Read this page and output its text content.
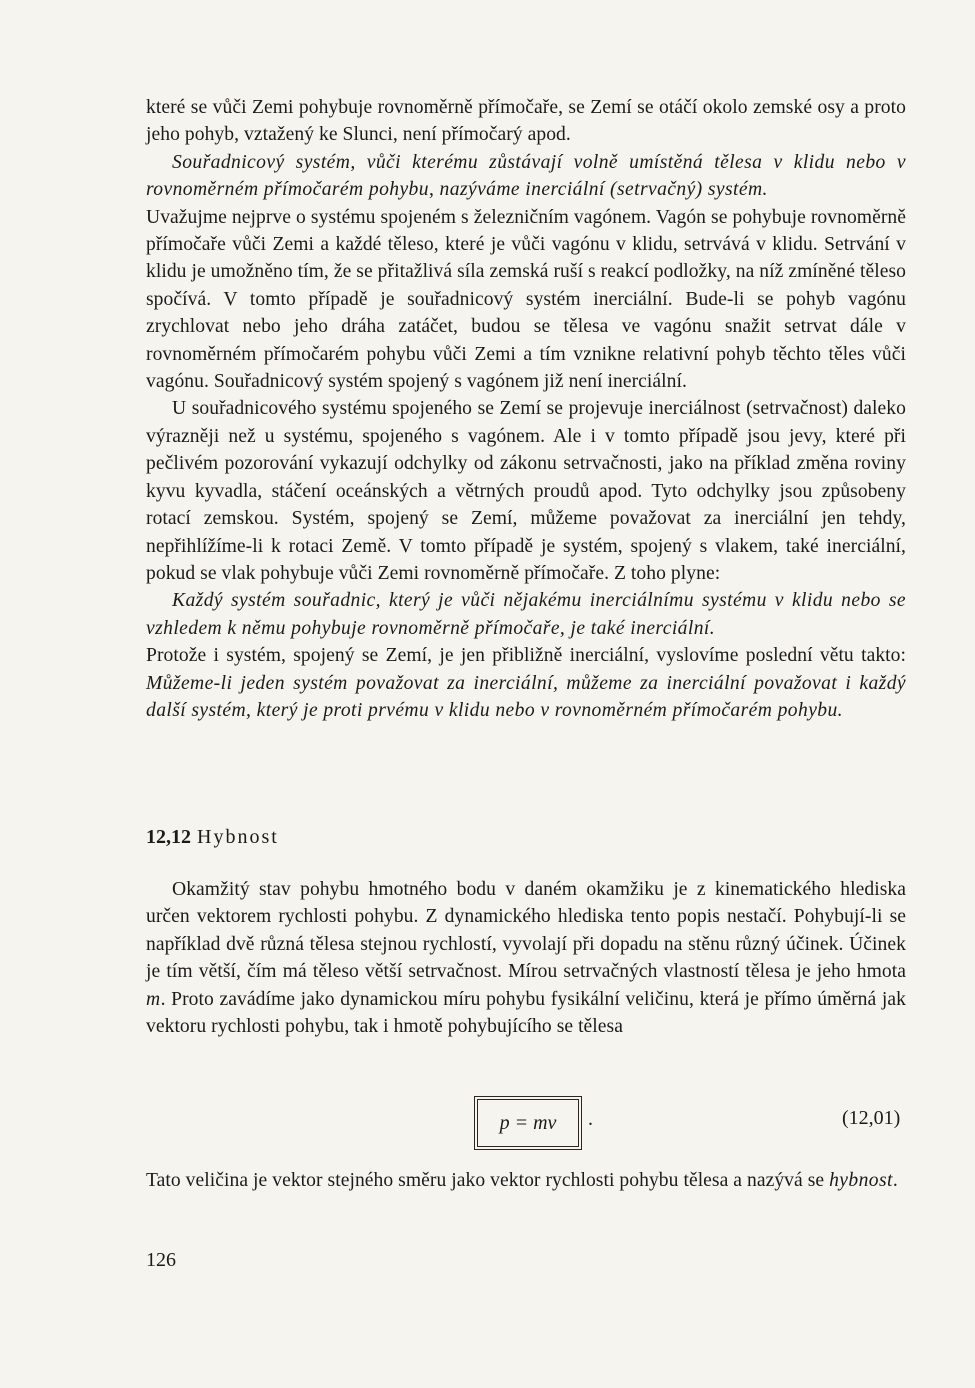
které se vůči Zemi pohybuje rovnoměrně přímočaře, se Zemí se otáčí okolo zemské osy a proto jeho pohyb, vztažený ke Slunci, není přímočarý apod.

Souřadnicový systém, vůči kterému zůstávají volně umístěná tělesa v klidu nebo v rovnoměrném přímočarém pohybu, nazýváme inerciální (setrvačný) systém.

Uvažujme nejprve o systému spojeném s železničním vagónem. Vagón se pohybuje rovnoměrně přímočaře vůči Zemi a každé těleso, které je vůči vagónu v klidu, setrvává v klidu. Setrvání v klidu je umožněno tím, že se přitažlivá síla zemská ruší s reakcí podložky, na níž zmíněné těleso spočívá. V tomto případě je souřadnicový systém inerciální. Bude-li se pohyb vagónu zrychlovat nebo jeho dráha zatáčet, budou se tělesa ve vagónu snažit setrvat dále v rovnoměrném přímočarém pohybu vůči Zemi a tím vznikne relativní pohyb těchto těles vůči vagónu. Souřadnicový systém spojený s vagónem již není inerciální.

U souřadnicového systému spojeného se Zemí se projevuje inerciálnost (setrvačnost) daleko výrazněji než u systému, spojeného s vagónem. Ale i v tomto případě jsou jevy, které při pečlivém pozorování vykazují odchylky od zákonu setrvačnosti, jako na příklad změna roviny kyvu kyvadla, stáčení oceánských a větrných proudů apod. Tyto odchylky jsou způsobeny rotací zemskou. Systém, spojený se Zemí, můžeme považovat za inerciální jen tehdy, nepřihlížíme-li k rotaci Země. V tomto případě je systém, spojený s vlakem, také inerciální, pokud se vlak pohybuje vůči Zemi rovnoměrně přímočaře. Z toho plyne:

Každý systém souřadnic, který je vůči nějakému inerciálnímu systému v klidu nebo se vzhledem k němu pohybuje rovnoměrně přímočaře, je také inerciální.

Protože i systém, spojený se Zemí, je jen přibližně inerciální, vyslovíme poslední větu takto: Můžeme-li jeden systém považovat za inerciální, můžeme za inerciální považovat i každý další systém, který je proti prvému v klidu nebo v rovnoměrném přímočarém pohybu.

12,12 Hybnost

Okamžitý stav pohybu hmotného bodu v daném okamžiku je z kinematického hlediska určen vektorem rychlosti pohybu. Z dynamického hlediska tento popis nestačí. Pohybují-li se například dvě různá tělesa stejnou rychlostí, vyvolají při dopadu na stěnu různý účinek. Účinek je tím větší, čím má těleso větší setrvačnost. Mírou setrvačných vlastností tělesa je jeho hmota m. Proto zavádíme jako dynamickou míru pohybu fysikální veličinu, která je přímo úměrná jak vektoru rychlosti pohybu, tak i hmotě pohybujícího se tělesa

p = mv	.	(12,01)

Tato veličina je vektor stejného směru jako vektor rychlosti pohybu tělesa a nazývá se hybnost.

126
